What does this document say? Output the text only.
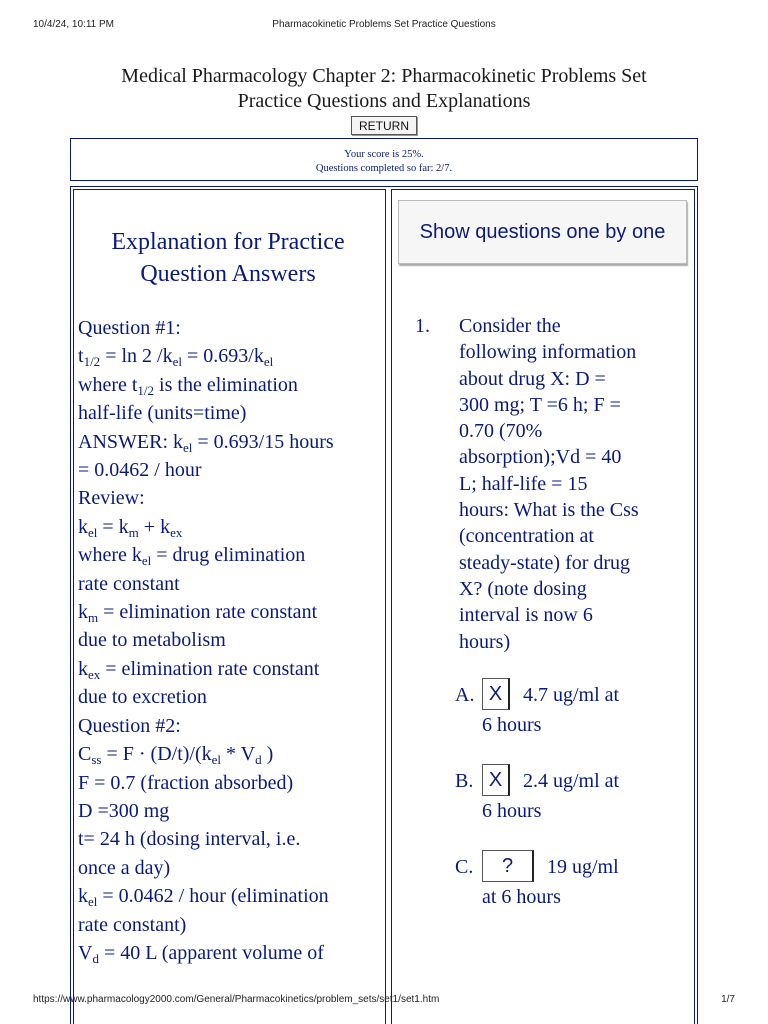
10/4/24, 10:11 PM	Pharmacokinetic Problems Set Practice Questions
https://www.pharmacology2000.com/General/Pharmacokinetics/problem_sets/set1/set1.htm	1/7
Medical Pharmacology Chapter 2: Pharmacokinetic Problems Set
Practice Questions and Explanations
RETURN
Your score is 25%.
Questions completed so far: 2/7.
Explanation for Practice
Question Answers
Question #1:
$t_{1/2} = \ln 2$ $/k_{el} = 0.693/k_{el}$
where $t_{1/2}$ is the elimination
half-life (units=time)
ANSWER: $k_{el} = 0.693/15$ hours
= 0.0462 / hour
Review:
$k_{el} = k_m + k_{ex}$
where $k_{el}$ = drug elimination
rate constant
$k_m$ = elimination rate constant
due to metabolism
$k_{ex}$ = elimination rate constant
due to excretion
Question #2:
$C_{ss} = F \cdot (D/t)/(k_{el} * V_d$ )
F = 0.7 (fraction absorbed)
D =300 mg
t= 24 h (dosing interval, i.e.
once a day)
$k_{el} = 0.0462$ / hour (elimination
rate constant)
$V_d = 40$ L (apparent volume of
Show questions one by one
1. Consider the
following information
about drug X: D =
300 mg; T =6 h; F =
0.70 (70%
absorption);Vd = 40
L; half-life = 15
hours: What is the Css
(concentration at
steady-state) for drug
X? (note dosing
interval is now 6
hours)
A. X	4.7 ug/ml at
6 hours
B. X	2.4 ug/ml at
6 hours
C.	?	19 ug/ml
at 6 hours
